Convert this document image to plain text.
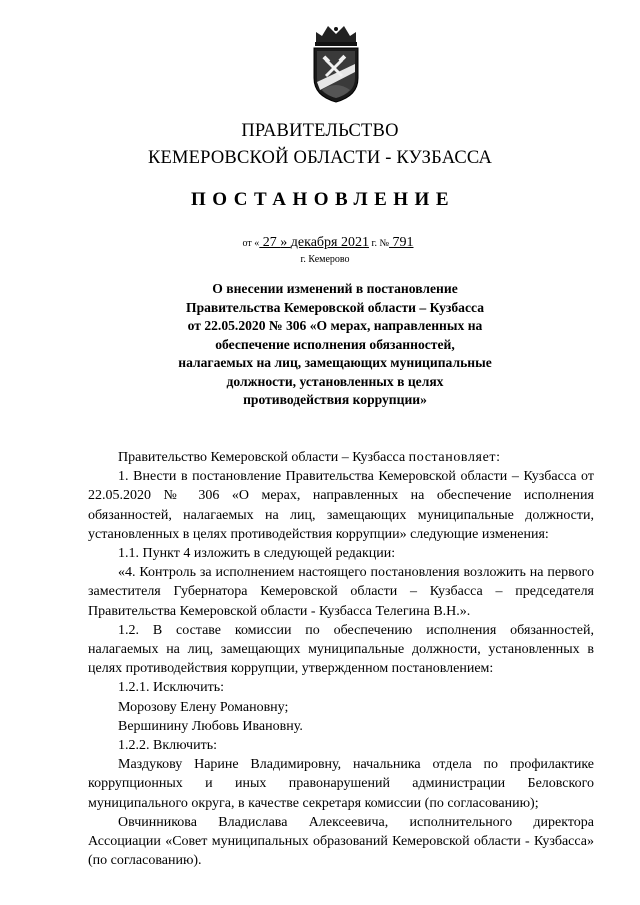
ПРАВИТЕЛЬСТВО
КЕМЕРОВСКОЙ ОБЛАСТИ - КУЗБАССА
ПОСТАНОВЛЕНИЕ
от « 27 » декабря 2021 г. № 791
г. Кемерово
О внесении изменений в постановление
Правительства Кемеровской области – Кузбасса
от 22.05.2020 № 306 «О мерах, направленных на
обеспечение исполнения обязанностей,
налагаемых на лиц, замещающих муниципальные
должности, установленных в целях
противодействия коррупции»

Правительство Кемеровской области – Кузбасса постановляет:

1. Внести в постановление Правительства Кемеровской области – Кузбасса от 22.05.2020 № 306 «О мерах, направленных на обеспечение исполнения обязанностей, налагаемых на лиц, замещающих муниципальные должности, установленных в целях противодействия коррупции» следующие изменения:

1.1. Пункт 4 изложить в следующей редакции:

«4. Контроль за исполнением настоящего постановления возложить на первого заместителя Губернатора Кемеровской области – Кузбасса – председателя Правительства Кемеровской области - Кузбасса Телегина В.Н.».

1.2. В составе комиссии по обеспечению исполнения обязанностей, налагаемых на лиц, замещающих муниципальные должности, установленных в целях противодействия коррупции, утвержденном постановлением:

1.2.1. Исключить:

Морозову Елену Романовну;

Вершинину Любовь Ивановну.

1.2.2. Включить:

Маздукову Нарине Владимировну, начальника отдела по профилактике коррупционных и иных правонарушений администрации Беловского муниципального округа, в качестве секретаря комиссии (по согласованию);

Овчинникова Владислава Алексеевича, исполнительного директора Ассоциации «Совет муниципальных образований Кемеровской области - Кузбасса» (по согласованию).
